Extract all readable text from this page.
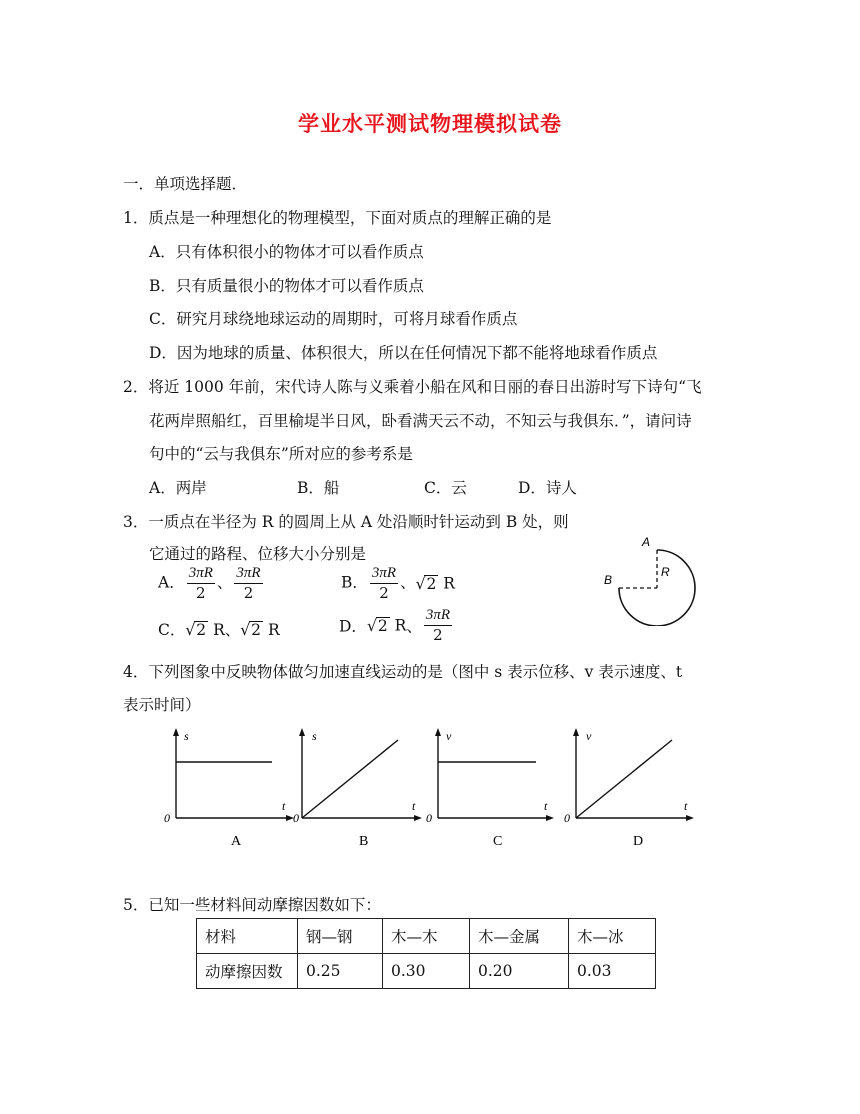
学业水平测试物理模拟试卷
一．单项选择题．
1．质点是一种理想化的物理模型，下面对质点的理解正确的是
A．只有体积很小的物体才可以看作质点
B．只有质量很小的物体才可以看作质点
C．研究月球绕地球运动的周期时，可将月球看作质点
D．因为地球的质量、体积很大，所以在任何情况下都不能将地球看作质点
2．将近 1000 年前，宋代诗人陈与义乘着小船在风和日丽的春日出游时写下诗句“飞
花两岸照船红，百里榆堤半日风，卧看满天云不动，不知云与我俱东．”，请问诗
句中的“云与我俱东”所对应的参考系是
A．两岸	B．船	C．云	D．诗人
3．一质点在半径为 R 的圆周上从 A 处沿顺时针运动到 B 处，则
它通过的路程、位移大小分别是
A． $\frac{3\pi R}{2}$ 、 $\frac{3\pi R}{2}$	B． $\frac{3\pi R}{2}$ 、√2 R
C．√2 R、√2 R	D．√2 R、 $\frac{3\pi R}{2}$
A
B
R
4．下列图象中反映物体做匀加速直线运动的是（图中 s 表示位移、v 表示速度、t
表示时间）
s
t
0
A
s
t
0
B
v
t
0
C
v
t
0
D
5．已知一些材料间动摩擦因数如下：
材料	钢—钢	木—木	木—金属	木—冰
动摩擦因数	0.25	0.30	0.20	0.03
